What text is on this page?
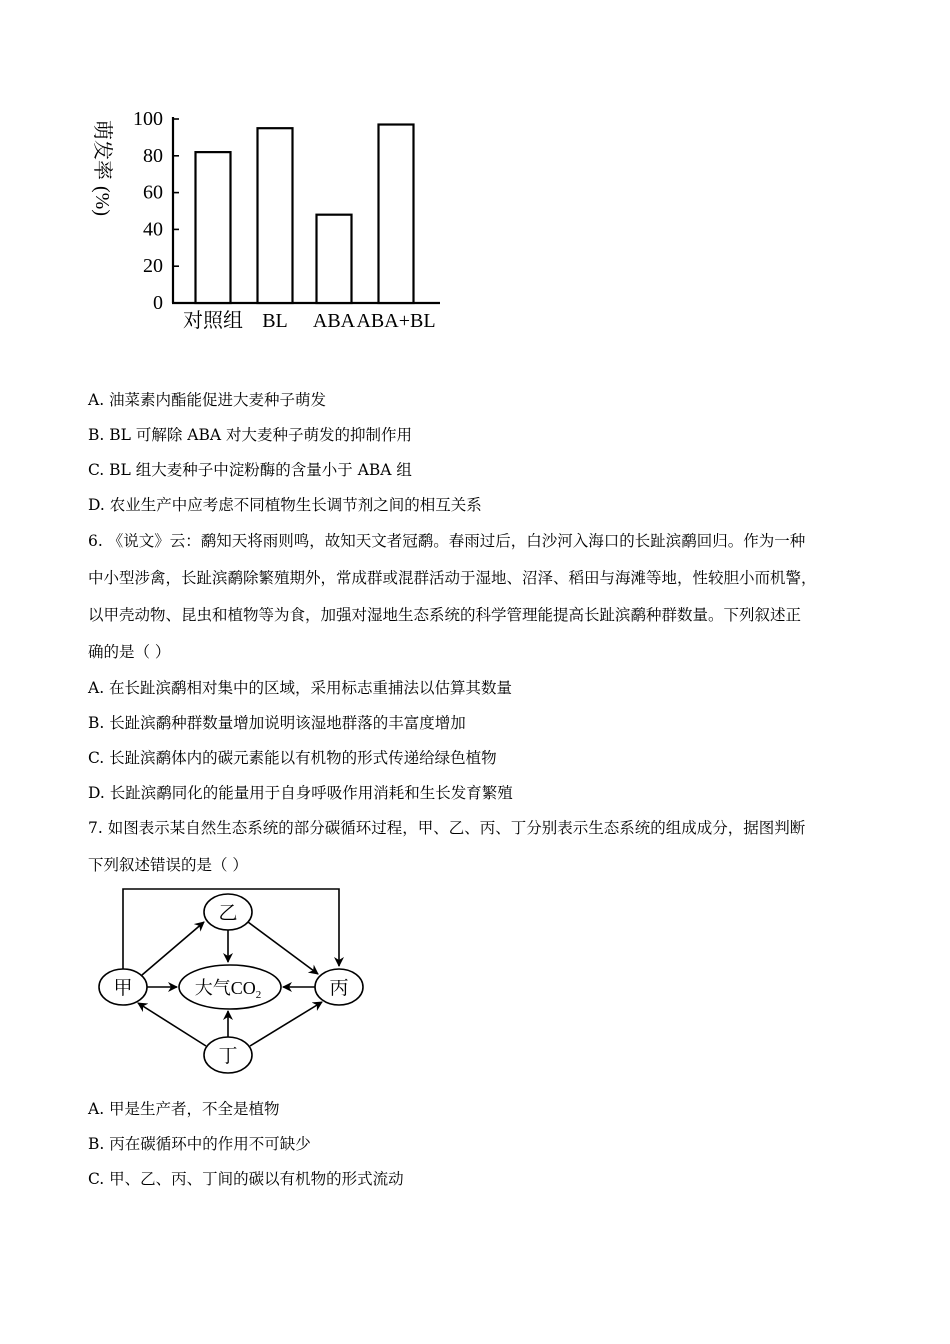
100
80
60
40
20
0
萌发率(%)
对照组 BL ABA ABA+BL
A. 油菜素内酯能促进大麦种子萌发
B. BL 可解除 ABA 对大麦种子萌发的抑制作用
C. BL 组大麦种子中淀粉酶的含量小于 ABA 组
D. 农业生产中应考虑不同植物生长调节剂之间的相互关系
6. 《说文》云：鹬知天将雨则鸣，故知天文者冠鹬。春雨过后，白沙河入海口的长趾滨鹬回归。作为一种
中小型涉禽，长趾滨鹬除繁殖期外，常成群或混群活动于湿地、沼泽、稻田与海滩等地，性较胆小而机警，
以甲壳动物、昆虫和植物等为食，加强对湿地生态系统的科学管理能提高长趾滨鹬种群数量。下列叙述正
确的是（ ）
A. 在长趾滨鹬相对集中的区域，采用标志重捕法以估算其数量
B. 长趾滨鹬种群数量增加说明该湿地群落的丰富度增加
C. 长趾滨鹬体内的碳元素能以有机物的形式传递给绿色植物
D. 长趾滨鹬同化的能量用于自身呼吸作用消耗和生长发育繁殖
7. 如图表示某自然生态系统的部分碳循环过程，甲、乙、丙、丁分别表示生态系统的组成成分，据图判断
下列叙述错误的是（ ）
乙
甲	丙
丁
大气$CO_2$
A. 甲是生产者，不全是植物
B. 丙在碳循环中的作用不可缺少
C. 甲、乙、丙、丁间的碳以有机物的形式流动
